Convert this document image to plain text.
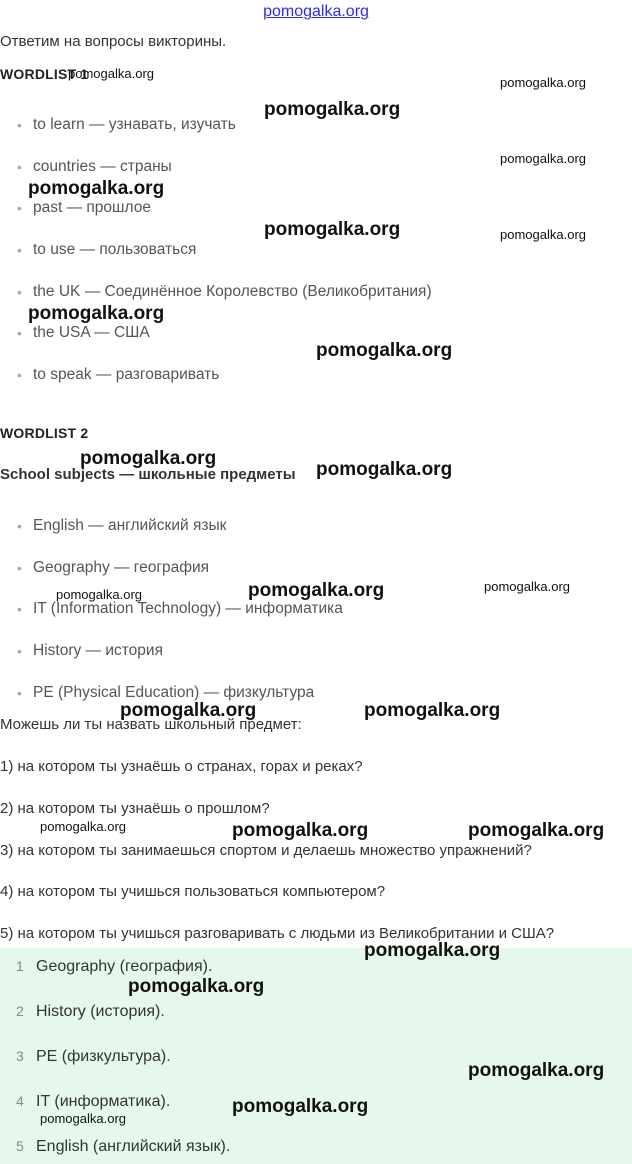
pomogalka.org
Ответим на вопросы викторины.
WORDLIST 1
• to learn — узнавать, изучать
• countries — страны
• past — прошлое
• to use — пользоваться
• the UK — Соединённое Королевство (Великобритания)
• the USA — США
• to speak — разговаривать
WORDLIST 2
School subjects — школьные предметы
• English — английский язык
• Geography — география
• IT (Information Technology) — информатика
• History — история
• PE (Physical Education) — физкультура
Можешь ли ты назвать школьный предмет:
1) на котором ты узнаёшь о странах, горах и реках?
2) на котором ты узнаёшь о прошлом?
3) на котором ты занимаешься спортом и делаешь множество упражнений?
4) на котором ты учишься пользоваться компьютером?
5) на котором ты учишься разговаривать с людьми из Великобритании и США?
1 Geography (география).
2 History (история).
3 PE (физкультура).
4 IT (информатика).
5 English (английский язык).
pomogalka.org
pomogalka.org
pomogalka.org
pomogalka.org
pomogalka.org
pomogalka.org	pomogalka.org
pomogalka.org
pomogalka.org
pomogalka.org
pomogalka.org
pomogalka.org	pomogalka.org
pomogalka.org
pomogalka.org	pomogalka.org
pomogalka.org	pomogalka.org	pomogalka.org
pomogalka.org
pomogalka.org
pomogalka.org
pomogalka.org
pomogalka.org
